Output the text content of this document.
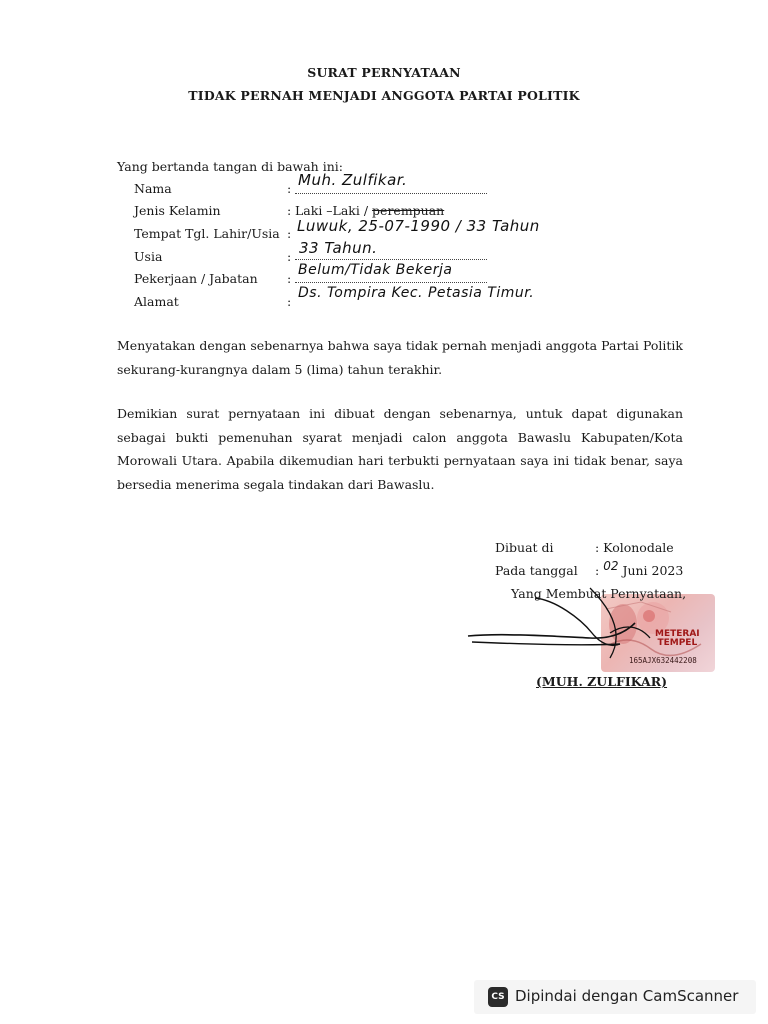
SURAT PERNYATAAN
TIDAK PERNAH MENJADI ANGGOTA PARTAI POLITIK
Yang bertanda tangan di bawah ini:
Nama	: Muh. Zulfikar.
Jenis Kelamin	: Laki –Laki / perempuan
Tempat Tgl. Lahir/Usia : Luwuk, 25-07-1990 / 33 Tahun
Usia	: 33 Tahun.
Pekerjaan / Jabatan :
Belum/Tidak Bekerja
Alamat	:
Ds. Tompira Kec. Petasia Timur.
Menyatakan dengan sebenarnya bahwa saya tidak pernah menjadi anggota Partai Politik sekurang-kurangnya dalam 5 (lima) tahun terakhir.
Demikian surat pernyataan ini dibuat dengan sebenarnya, untuk dapat digunakan sebagai bukti pemenuhan syarat menjadi calon anggota Bawaslu Kabupaten/Kota Morowali Utara. Apabila dikemudian hari terbukti pernyataan saya ini tidak benar, saya bersedia menerima segala tindakan dari Bawaslu.
Dibuat di	: Kolonodale
Pada tanggal : 02 Juni 2023
METERAI
TEMPEL
165AJX632442208
Yang Membuat Pernyataan,
(MUH. ZULFIKAR)
CS Dipindai dengan CamScanner
